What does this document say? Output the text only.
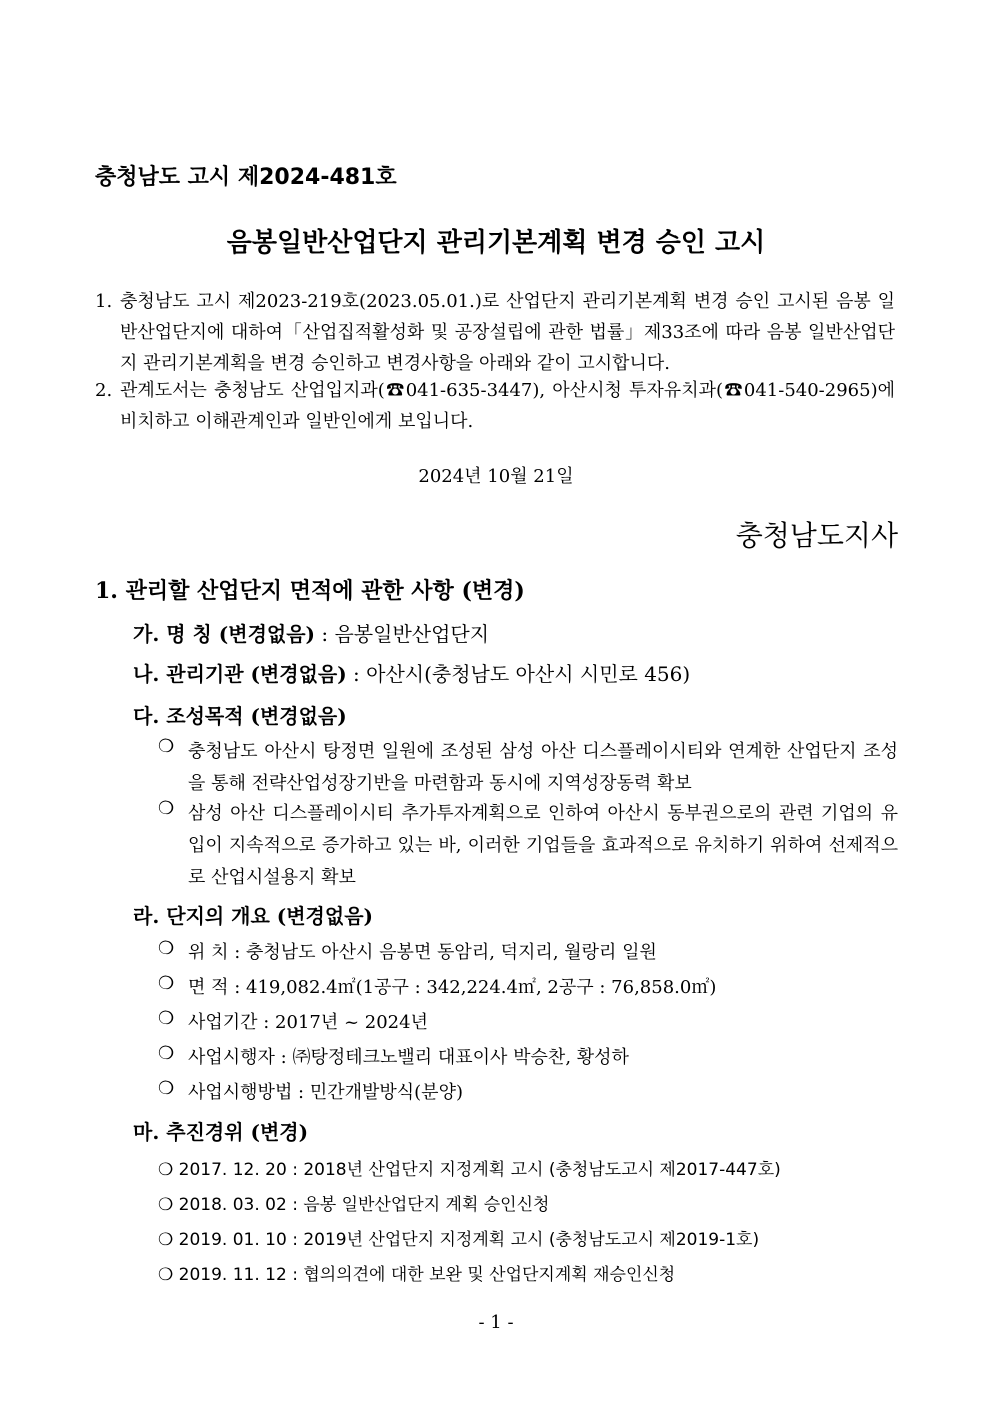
충청남도 고시 제2024-481호
음봉일반산업단지 관리기본계획 변경 승인 고시
1. 충청남도 고시 제2023-219호(2023.05.01.)로 산업단지 관리기본계획 변경 승인 고시된 음봉 일반산업단지에 대하여「산업집적활성화 및 공장설립에 관한 법률」제33조에 따라 음봉 일반산업단지 관리기본계획을 변경 승인하고 변경사항을 아래와 같이 고시합니다.
2. 관계도서는 충청남도 산업입지과(☎041-635-3447), 아산시청 투자유치과(☎041-540-2965)에 비치하고 이해관계인과 일반인에게 보입니다.
2024년 10월 21일
충청남도지사
1. 관리할 산업단지 면적에 관한 사항 (변경)
가. 명 칭 (변경없음) : 음봉일반산업단지
나. 관리기관 (변경없음) : 아산시(충청남도 아산시 시민로 456)
다. 조성목적 (변경없음)
❍ 충청남도 아산시 탕정면 일원에 조성된 삼성 아산 디스플레이시티와 연계한 산업단지 조성을 통해 전략산업성장기반을 마련함과 동시에 지역성장동력 확보
❍ 삼성 아산 디스플레이시티 추가투자계획으로 인하여 아산시 동부권으로의 관련 기업의 유입이 지속적으로 증가하고 있는 바, 이러한 기업들을 효과적으로 유치하기 위하여 선제적으로 산업시설용지 확보
라. 단지의 개요 (변경없음)
❍ 위 치 : 충청남도 아산시 음봉면 동암리, 덕지리, 월랑리 일원
❍ 면 적 : 419,082.4㎡(1공구 : 342,224.4㎡, 2공구 : 76,858.0㎡)
❍ 사업기간 : 2017년 ~ 2024년
❍ 사업시행자 : ㈜탕정테크노밸리 대표이사 박승찬, 황성하
❍ 사업시행방법 : 민간개발방식(분양)
마. 추진경위 (변경)
❍ 2017. 12. 20 : 2018년 산업단지 지정계획 고시 (충청남도고시 제2017-447호)
❍ 2018. 03. 02 : 음봉 일반산업단지 계획 승인신청
❍ 2019. 01. 10 : 2019년 산업단지 지정계획 고시 (충청남도고시 제2019-1호)
❍ 2019. 11. 12 : 협의의견에 대한 보완 및 산업단지계획 재승인신청
- 1 -
